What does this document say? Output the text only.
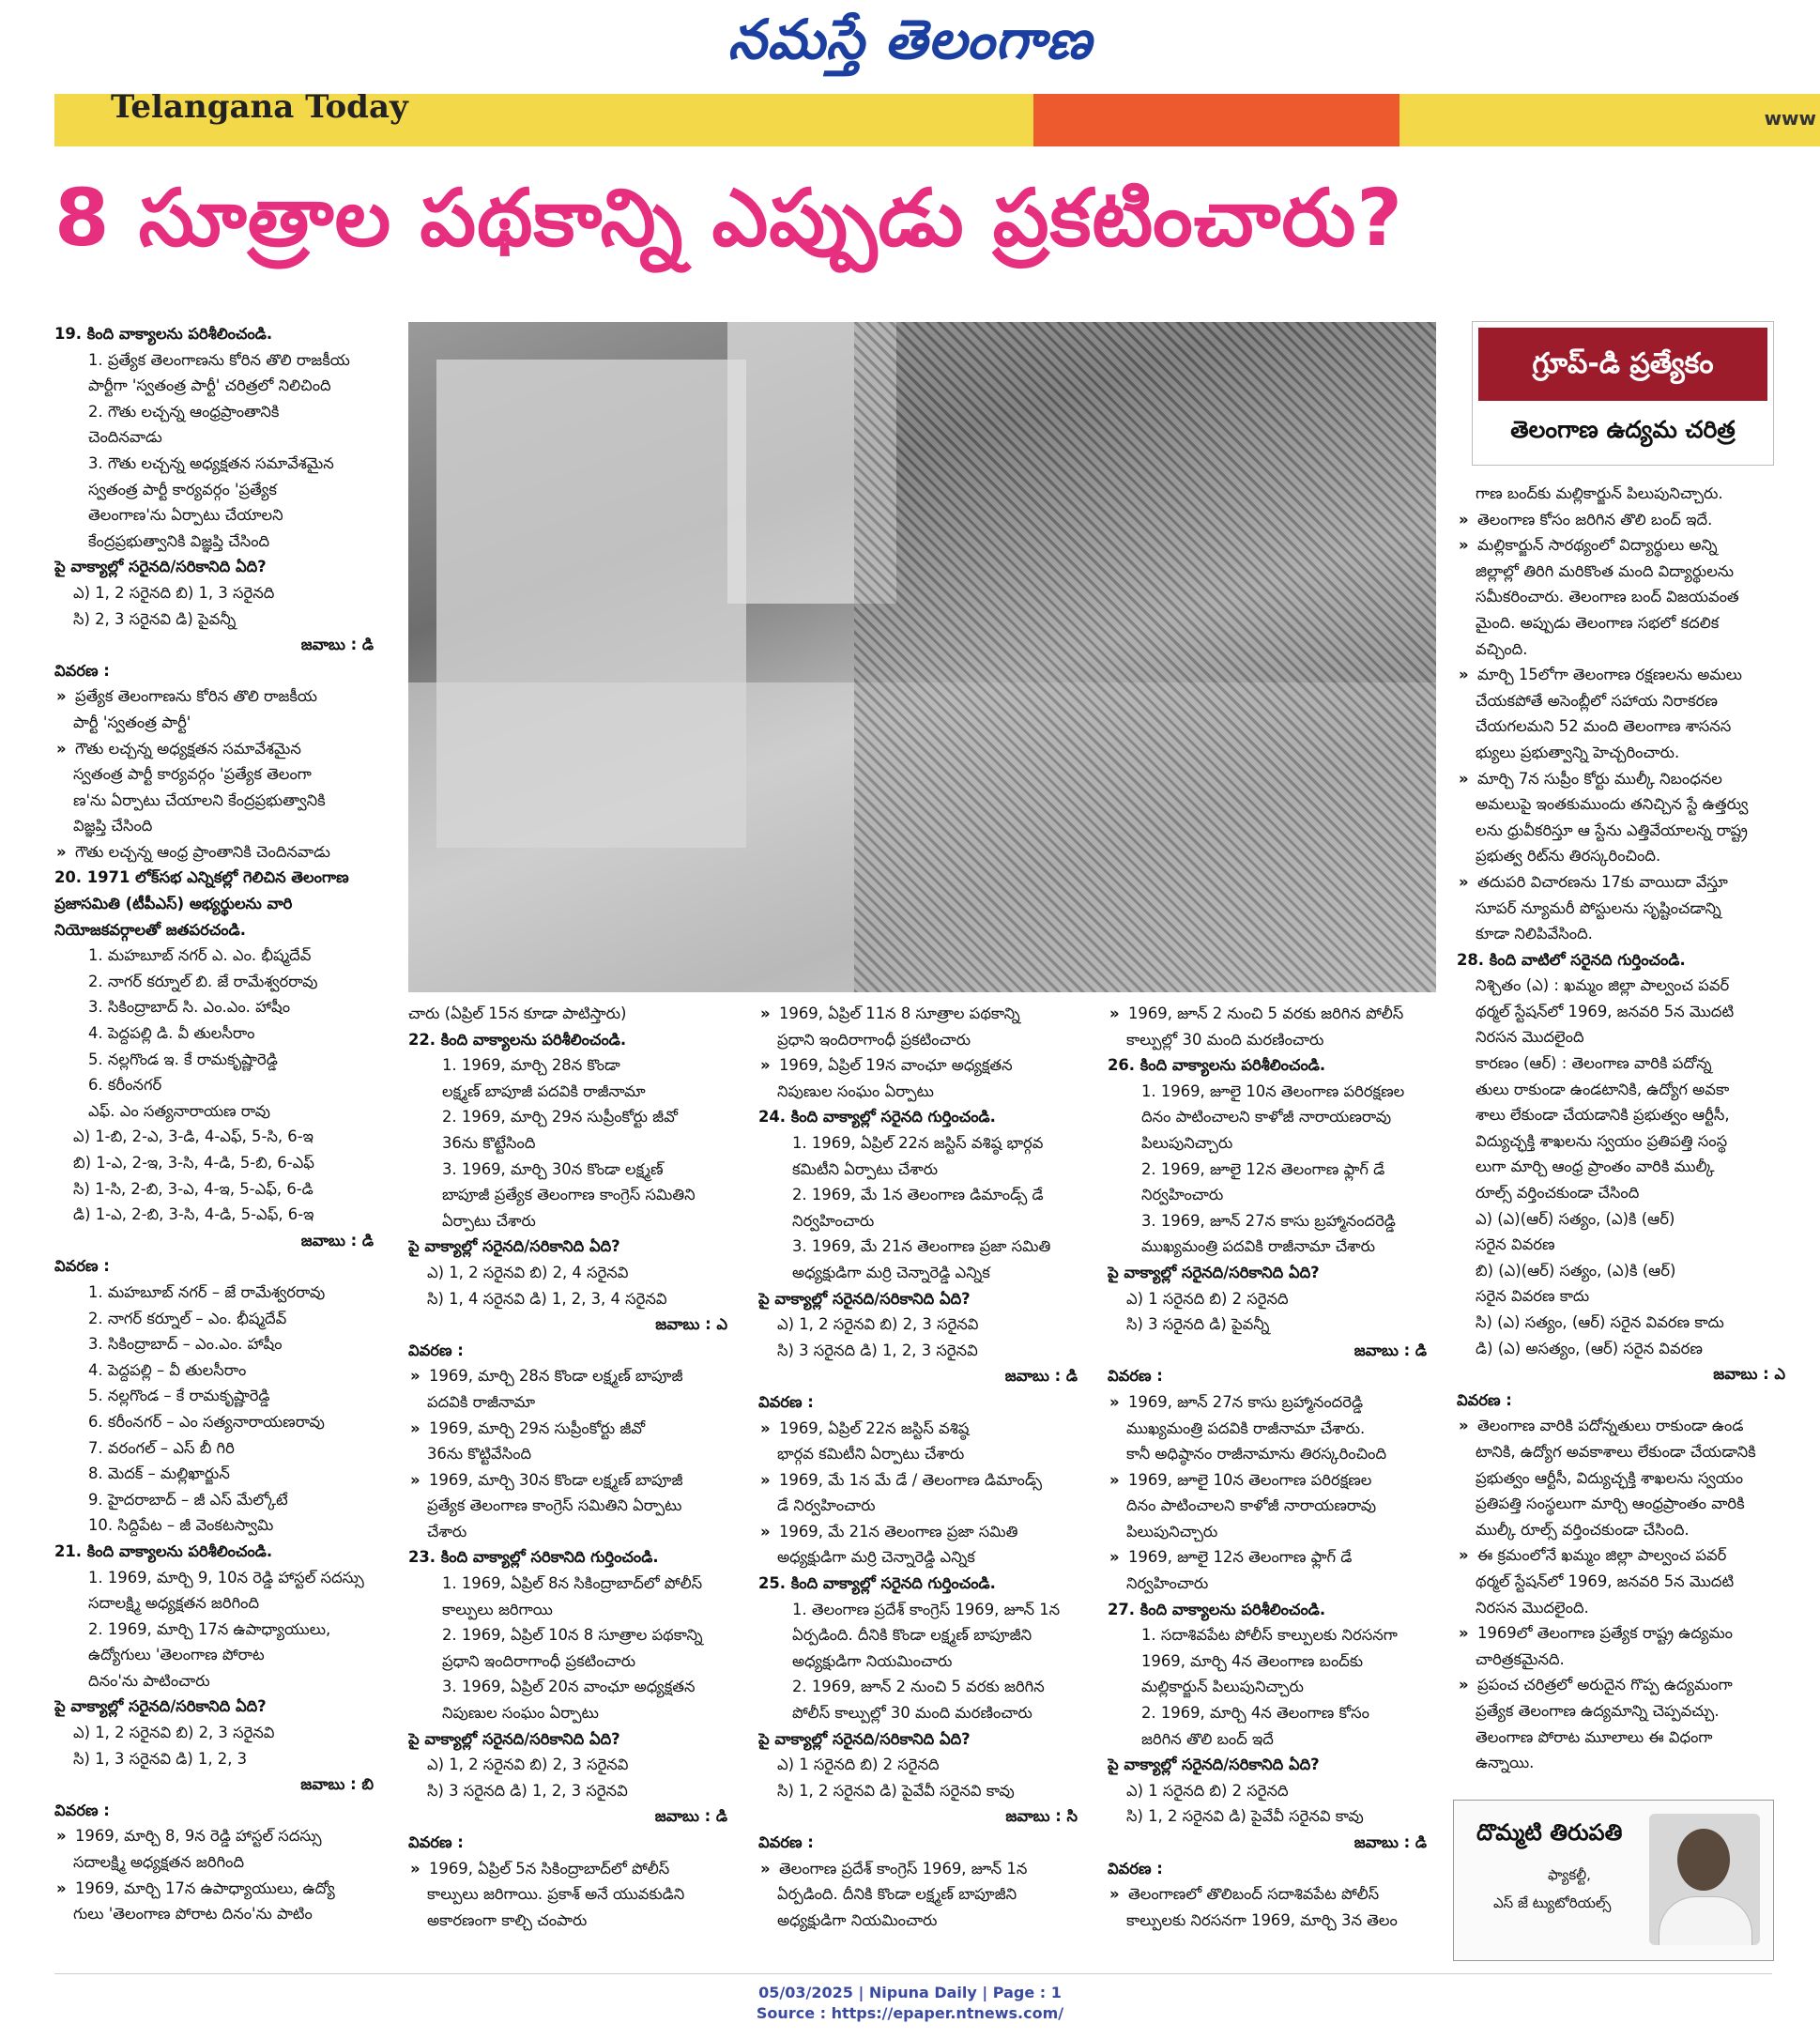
నమస్తే తెలంగాణ
Telangana Today	www
8 సూత్రాల పథకాన్ని ఎప్పుడు ప్రకటించారు?

19. కింది వాక్యాలను పరిశీలించండి.

1. ప్రత్యేక తెలంగాణను కోరిన తొలి రాజకీయ

పార్టీగా 'స్వతంత్ర పార్టీ' చరిత్రలో నిలిచింది

2. గౌతు లచ్చన్న ఆంధ్రప్రాంతానికి

చెందినవాడు

3. గౌతు లచ్చన్న అధ్యక్షతన సమావేశమైన

స్వతంత్ర పార్టీ కార్యవర్గం 'ప్రత్యేక

తెలంగాణ'ను ఏర్పాటు చేయాలని

కేంద్రప్రభుత్వానికి విజ్ఞప్తి చేసింది

పై వాక్యాల్లో సరైనది/సరికానిది ఏది?

ఎ) 1, 2 సరైనది బి) 1, 3 సరైనది

సి) 2, 3 సరైనవి డి) పైవన్నీ

జవాబు : డి

వివరణ :

» ప్రత్యేక తెలంగాణను కోరిన తొలి రాజకీయ

పార్టీ 'స్వతంత్ర పార్టీ'

» గౌతు లచ్చన్న అధ్యక్షతన సమావేశమైన

స్వతంత్ర పార్టీ కార్యవర్గం 'ప్రత్యేక తెలంగా

ణ'ను ఏర్పాటు చేయాలని కేంద్రప్రభుత్వానికి

విజ్ఞప్తి చేసింది

» గౌతు లచ్చన్న ఆంధ్ర ప్రాంతానికి చెందినవాడు

20. 1971 లోక్‌సభ ఎన్నికల్లో గెలిచిన తెలంగాణ

ప్రజాసమితి (టీపీఎస్) అభ్యర్థులను వారి

నియోజకవర్గాలతో జతపరచండి.

1. మహబూబ్ నగర్ ఎ. ఎం. భీష్మదేవ్

2. నాగర్ కర్నూల్ బి. జే రామేశ్వరరావు

3. సికింద్రాబాద్ సి. ఎం.ఎం. హాషీం

4. పెద్దపల్లి డి. వీ తులసీరాం

5. నల్లగొండ ఇ. కే రామకృష్ణారెడ్డి

6. కరీంనగర్

ఎఫ్. ఎం సత్యనారాయణ రావు

ఎ) 1-బి, 2-ఎ, 3-డి, 4-ఎఫ్, 5-సి, 6-ఇ

బి) 1-ఎ, 2-ఇ, 3-సి, 4-డి, 5-బి, 6-ఎఫ్

సి) 1-సి, 2-బి, 3-ఎ, 4-ఇ, 5-ఎఫ్, 6-డి

డి) 1-ఎ, 2-బి, 3-సి, 4-డి, 5-ఎఫ్, 6-ఇ

జవాబు : డి

వివరణ :

1. మహబూబ్ నగర్ – జే రామేశ్వరరావు

2. నాగర్ కర్నూల్ – ఎం. భీష్మదేవ్

3. సికింద్రాబాద్ – ఎం.ఎం. హాషీం

4. పెద్దపల్లి – వీ తులసీరాం

5. నల్లగొండ – కే రామకృష్ణారెడ్డి

6. కరీంనగర్ – ఎం సత్యనారాయణరావు

7. వరంగల్ – ఎస్ బీ గిరి

8. మెదక్ – మల్లిఖార్జున్

9. హైదరాబాద్ – జీ ఎస్ మేల్కోటే

10. సిద్దిపేట – జీ వెంకటస్వామి

21. కింది వాక్యాలను పరిశీలించండి.

1. 1969, మార్చి 9, 10న రెడ్డి హాస్టల్ సదస్సు

సదాలక్ష్మి అధ్యక్షతన జరిగింది

2. 1969, మార్చి 17న ఉపాధ్యాయులు,

ఉద్యోగులు 'తెలంగాణ పోరాట

దినం'ను పాటించారు

పై వాక్యాల్లో సరైనది/సరికానిది ఏది?

ఎ) 1, 2 సరైనవి బి) 2, 3 సరైనవి

సి) 1, 3 సరైనవి డి) 1, 2, 3

జవాబు : బి

వివరణ :

» 1969, మార్చి 8, 9న రెడ్డి హాస్టల్ సదస్సు

సదాలక్ష్మి అధ్యక్షతన జరిగింది

» 1969, మార్చి 17న ఉపాధ్యాయులు, ఉద్యో

గులు 'తెలంగాణ పోరాట దినం'ను పాటిం

గ్రూప్-డి ప్రత్యేకం
తెలంగాణ ఉద్యమ చరిత్ర

చారు (ఏప్రిల్ 15న కూడా పాటిస్తారు)

22. కింది వాక్యాలను పరిశీలించండి.

1. 1969, మార్చి 28న కొండా

లక్ష్మణ్ బాపూజీ పదవికి రాజీనామా

2. 1969, మార్చి 29న సుప్రీంకోర్టు జీవో

36ను కొట్టేసింది

3. 1969, మార్చి 30న కొండా లక్ష్మణ్

బాపూజీ ప్రత్యేక తెలంగాణ కాంగ్రెస్ సమితిని

ఏర్పాటు చేశారు

పై వాక్యాల్లో సరైనది/సరికానిది ఏది?

ఎ) 1, 2 సరైనవి బి) 2, 4 సరైనవి

సి) 1, 4 సరైనవి డి) 1, 2, 3, 4 సరైనవి

జవాబు : ఎ

వివరణ :

» 1969, మార్చి 28న కొండా లక్ష్మణ్ బాపూజీ

పదవికి రాజీనామా

» 1969, మార్చి 29న సుప్రీంకోర్టు జీవో

36ను కొట్టివేసింది

» 1969, మార్చి 30న కొండా లక్ష్మణ్ బాపూజీ

ప్రత్యేక తెలంగాణ కాంగ్రెస్ సమితిని ఏర్పాటు

చేశారు

23. కింది వాక్యాల్లో సరికానిది గుర్తించండి.

1. 1969, ఏప్రిల్ 8న సికింద్రాబాద్‌లో పోలీస్

కాల్పులు జరిగాయి

2. 1969, ఏప్రిల్ 10న 8 సూత్రాల పథకాన్ని

ప్రధాని ఇందిరాగాంధీ ప్రకటించారు

3. 1969, ఏప్రిల్ 20న వాంఛూ అధ్యక్షతన

నిపుణుల సంఘం ఏర్పాటు

పై వాక్యాల్లో సరైనది/సరికానిది ఏది?

ఎ) 1, 2 సరైనవి బి) 2, 3 సరైనవి

సి) 3 సరైనది డి) 1, 2, 3 సరైనవి

జవాబు : డి

వివరణ :

» 1969, ఏప్రిల్ 5న సికింద్రాబాద్‌లో పోలీస్

కాల్పులు జరిగాయి. ప్రకాశ్ అనే యువకుడిని

అకారణంగా కాల్చి చంపారు

» 1969, ఏప్రిల్ 11న 8 సూత్రాల పథకాన్ని

ప్రధాని ఇందిరాగాంధీ ప్రకటించారు

» 1969, ఏప్రిల్ 19న వాంఛూ అధ్యక్షతన

నిపుణుల సంఘం ఏర్పాటు

24. కింది వాక్యాల్లో సరైనది గుర్తించండి.

1. 1969, ఏప్రిల్ 22న జస్టిస్ వశిష్ఠ భార్గవ

కమిటీని ఏర్పాటు చేశారు

2. 1969, మే 1న తెలంగాణ డిమాండ్స్ డే

నిర్వహించారు

3. 1969, మే 21న తెలంగాణ ప్రజా సమితి

అధ్యక్షుడిగా మర్రి చెన్నారెడ్డి ఎన్నిక

పై వాక్యాల్లో సరైనది/సరికానిది ఏది?

ఎ) 1, 2 సరైనవి బి) 2, 3 సరైనవి

సి) 3 సరైనది డి) 1, 2, 3 సరైనవి

జవాబు : డి

వివరణ :

» 1969, ఏప్రిల్ 22న జస్టిస్ వశిష్ఠ

భార్గవ కమిటీని ఏర్పాటు చేశారు

» 1969, మే 1న మే డే / తెలంగాణ డిమాండ్స్

డే నిర్వహించారు

» 1969, మే 21న తెలంగాణ ప్రజా సమితి

అధ్యక్షుడిగా మర్రి చెన్నారెడ్డి ఎన్నిక

25. కింది వాక్యాల్లో సరైనది గుర్తించండి.

1. తెలంగాణ ప్రదేశ్ కాంగ్రెస్ 1969, జూన్ 1న

ఏర్పడింది. దీనికి కొండా లక్ష్మణ్ బాపూజీని

అధ్యక్షుడిగా నియమించారు

2. 1969, జూన్ 2 నుంచి 5 వరకు జరిగిన

పోలీస్ కాల్పుల్లో 30 మంది మరణించారు

పై వాక్యాల్లో సరైనది/సరికానిది ఏది?

ఎ) 1 సరైనది బి) 2 సరైనది

సి) 1, 2 సరైనవి డి) పైవేవీ సరైనవి కావు

జవాబు : సి

వివరణ :

» తెలంగాణ ప్రదేశ్ కాంగ్రెస్ 1969, జూన్ 1న

ఏర్పడింది. దీనికి కొండా లక్ష్మణ్ బాపూజీని

అధ్యక్షుడిగా నియమించారు

» 1969, జూన్ 2 నుంచి 5 వరకు జరిగిన పోలీస్

కాల్పుల్లో 30 మంది మరణించారు

26. కింది వాక్యాలను పరిశీలించండి.

1. 1969, జూలై 10న తెలంగాణ పరిరక్షణల

దినం పాటించాలని కాళోజీ నారాయణరావు

పిలుపునిచ్చారు

2. 1969, జూలై 12న తెలంగాణ ఫ్లాగ్ డే

నిర్వహించారు

3. 1969, జూన్ 27న కాసు బ్రహ్మానందరెడ్డి

ముఖ్యమంత్రి పదవికి రాజీనామా చేశారు

పై వాక్యాల్లో సరైనది/సరికానిది ఏది?

ఎ) 1 సరైనది బి) 2 సరైనది

సి) 3 సరైనది డి) పైవన్నీ

జవాబు : డి

వివరణ :

» 1969, జూన్ 27న కాసు బ్రహ్మానందరెడ్డి

ముఖ్యమంత్రి పదవికి రాజీనామా చేశారు.

కానీ అధిష్ఠానం రాజీనామాను తిరస్కరించింది

» 1969, జూలై 10న తెలంగాణ పరిరక్షణల

దినం పాటించాలని కాళోజీ నారాయణరావు

పిలుపునిచ్చారు

» 1969, జూలై 12న తెలంగాణ ఫ్లాగ్ డే

నిర్వహించారు

27. కింది వాక్యాలను పరిశీలించండి.

1. సదాశివపేట పోలీస్ కాల్పులకు నిరసనగా

1969, మార్చి 4న తెలంగాణ బంద్‌కు

మల్లికార్జున్ పిలుపునిచ్చారు

2. 1969, మార్చి 4న తెలంగాణ కోసం

జరిగిన తొలి బంద్ ఇదే

పై వాక్యాల్లో సరైనది/సరికానిది ఏది?

ఎ) 1 సరైనది బి) 2 సరైనది

సి) 1, 2 సరైనవి డి) పైవేవీ సరైనవి కావు

జవాబు : డి

వివరణ :

» తెలంగాణలో తొలిబంద్ సదాశివపేట పోలీస్

కాల్పులకు నిరసనగా 1969, మార్చి 3న తెలం

గాణ బంద్‌కు మల్లికార్జున్ పిలుపునిచ్చారు.

» తెలంగాణ కోసం జరిగిన తొలి బంద్ ఇదే.

» మల్లికార్జున్ సారథ్యంలో విద్యార్థులు అన్ని

జిల్లాల్లో తిరిగి మరికొంత మంది విద్యార్థులను

సమీకరించారు. తెలంగాణ బంద్ విజయవంత

మైంది. అప్పుడు తెలంగాణ సభలో కదలిక

వచ్చింది.

» మార్చి 15లోగా తెలంగాణ రక్షణలను అమలు

చేయకపోతే అసెంబ్లీలో సహాయ నిరాకరణ

చేయగలమని 52 మంది తెలంగాణ శాసనస

భ్యులు ప్రభుత్వాన్ని హెచ్చరించారు.

» మార్చి 7న సుప్రీం కోర్టు ముల్కీ నిబంధనల

అమలుపై ఇంతకుముందు తనిచ్చిన స్టే ఉత్తర్వు

లను ధ్రువీకరిస్తూ ఆ స్టేను ఎత్తివేయాలన్న రాష్ట్ర

ప్రభుత్వ రిట్‌ను తిరస్కరించింది.

» తదుపరి విచారణను 17కు వాయిదా వేస్తూ

సూపర్ న్యూమరీ పోస్టులను సృష్టించడాన్ని

కూడా నిలిపివేసింది.

28. కింది వాటిలో సరైనది గుర్తించండి.

నిశ్చితం (ఎ) : ఖమ్మం జిల్లా పాల్వంచ పవర్

థర్మల్ స్టేషన్‌లో 1969, జనవరి 5న మొదటి

నిరసన మొదలైంది

కారణం (ఆర్) : తెలంగాణ వారికి పదోన్న

తులు రాకుండా ఉండటానికి, ఉద్యోగ అవకా

శాలు లేకుండా చేయడానికి ప్రభుత్వం ఆర్టీసీ,

విద్యుచ్ఛక్తి శాఖలను స్వయం ప్రతిపత్తి సంస్థ

లుగా మార్చి ఆంధ్ర ప్రాంతం వారికి ముల్కీ

రూల్స్ వర్తించకుండా చేసింది

ఎ) (ఎ)(ఆర్) సత్యం, (ఎ)కి (ఆర్)

సరైన వివరణ

బి) (ఎ)(ఆర్) సత్యం, (ఎ)కి (ఆర్)

సరైన వివరణ కాదు

సి) (ఎ) సత్యం, (ఆర్) సరైన వివరణ కాదు

డి) (ఎ) అసత్యం, (ఆర్) సరైన వివరణ

జవాబు : ఎ

వివరణ :

» తెలంగాణ వారికి పదోన్నతులు రాకుండా ఉండ

టానికి, ఉద్యోగ అవకాశాలు లేకుండా చేయడానికి

ప్రభుత్వం ఆర్టీసీ, విద్యుచ్ఛక్తి శాఖలను స్వయం

ప్రతిపత్తి సంస్థలుగా మార్చి ఆంధ్రప్రాంతం వారికి

ముల్కీ రూల్స్ వర్తించకుండా చేసింది.

» ఈ క్రమంలోనే ఖమ్మం జిల్లా పాల్వంచ పవర్

థర్మల్ స్టేషన్‌లో 1969, జనవరి 5న మొదటి

నిరసన మొదలైంది.

» 1969లో తెలంగాణ ప్రత్యేక రాష్ట్ర ఉద్యమం

చారిత్రకమైనది.

» ప్రపంచ చరిత్రలో అరుదైన గొప్ప ఉద్యమంగా

ప్రత్యేక తెలంగాణ ఉద్యమాన్ని చెప్పవచ్చు.

తెలంగాణ పోరాట మూలాలు ఈ విధంగా

ఉన్నాయి.

దొమ్మటి తిరుపతి
ఫ్యాకల్టీ,
ఎస్ జే ట్యుటోరియల్స్
05/03/2025 | Nipuna Daily | Page : 1
Source : https://epaper.ntnews.com/
